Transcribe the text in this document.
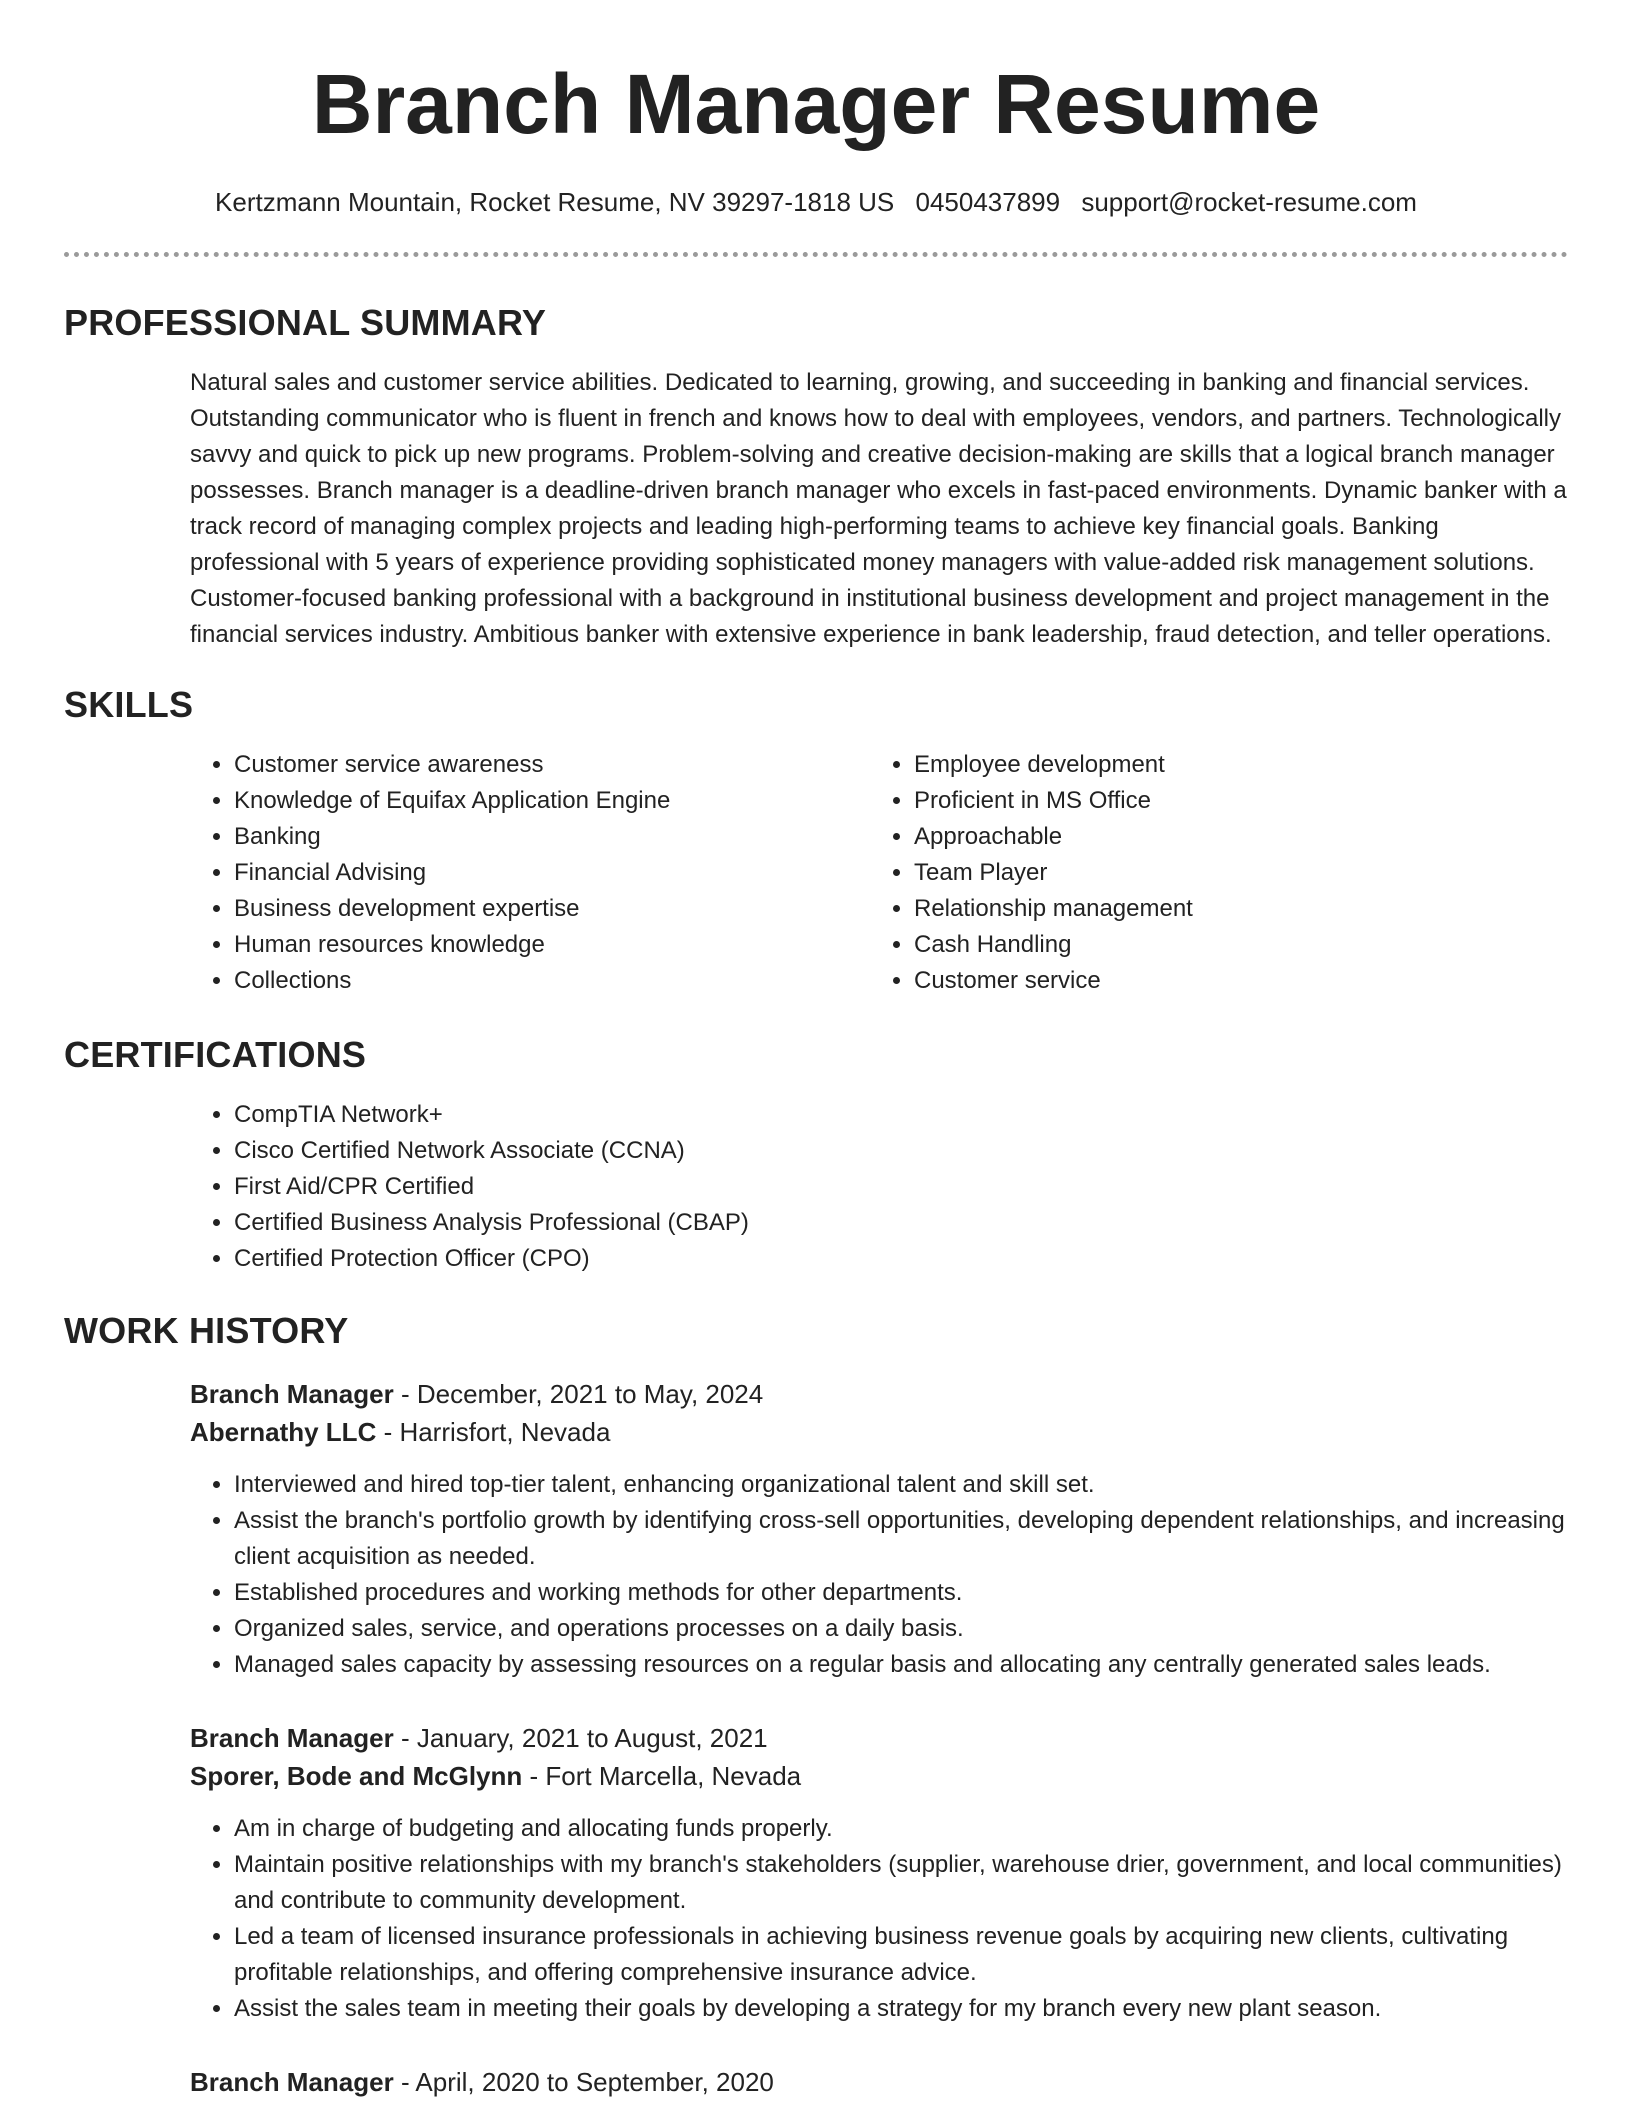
Branch Manager Resume
Kertzmann Mountain, Rocket Resume, NV 39297-1818 US 0450437899 support@rocket-resume.com
PROFESSIONAL SUMMARY

Natural sales and customer service abilities. Dedicated to learning, growing, and succeeding in banking and financial services. Outstanding communicator who is fluent in french and knows how to deal with employees, vendors, and partners. Technologically savvy and quick to pick up new programs. Problem-solving and creative decision-making are skills that a logical branch manager possesses. Branch manager is a deadline-driven branch manager who excels in fast-paced environments. Dynamic banker with a track record of managing complex projects and leading high-performing teams to achieve key financial goals. Banking professional with 5 years of experience providing sophisticated money managers with value-added risk management solutions. Customer-focused banking professional with a background in institutional business development and project management in the financial services industry. Ambitious banker with extensive experience in bank leadership, fraud detection, and teller operations.

SKILLS
• Customer service awareness
• Knowledge of Equifax Application Engine
• Banking
• Financial Advising
• Business development expertise
• Human resources knowledge
• Collections
• Employee development
• Proficient in MS Office
• Approachable
• Team Player
• Relationship management
• Cash Handling
• Customer service
CERTIFICATIONS
• CompTIA Network+
• Cisco Certified Network Associate (CCNA)
• First Aid/CPR Certified
• Certified Business Analysis Professional (CBAP)
• Certified Protection Officer (CPO)
WORK HISTORY
Branch Manager - December, 2021 to May, 2024
Abernathy LLC - Harrisfort, Nevada
• Interviewed and hired top-tier talent, enhancing organizational talent and skill set.
• Assist the branch's portfolio growth by identifying cross-sell opportunities, developing dependent relationships, and increasing client acquisition as needed.
• Established procedures and working methods for other departments.
• Organized sales, service, and operations processes on a daily basis.
• Managed sales capacity by assessing resources on a regular basis and allocating any centrally generated sales leads.
Branch Manager - January, 2021 to August, 2021
Sporer, Bode and McGlynn - Fort Marcella, Nevada
• Am in charge of budgeting and allocating funds properly.
• Maintain positive relationships with my branch's stakeholders (supplier, warehouse drier, government, and local communities) and contribute to community development.
• Led a team of licensed insurance professionals in achieving business revenue goals by acquiring new clients, cultivating profitable relationships, and offering comprehensive insurance advice.
• Assist the sales team in meeting their goals by developing a strategy for my branch every new plant season.
Branch Manager - April, 2020 to September, 2020
